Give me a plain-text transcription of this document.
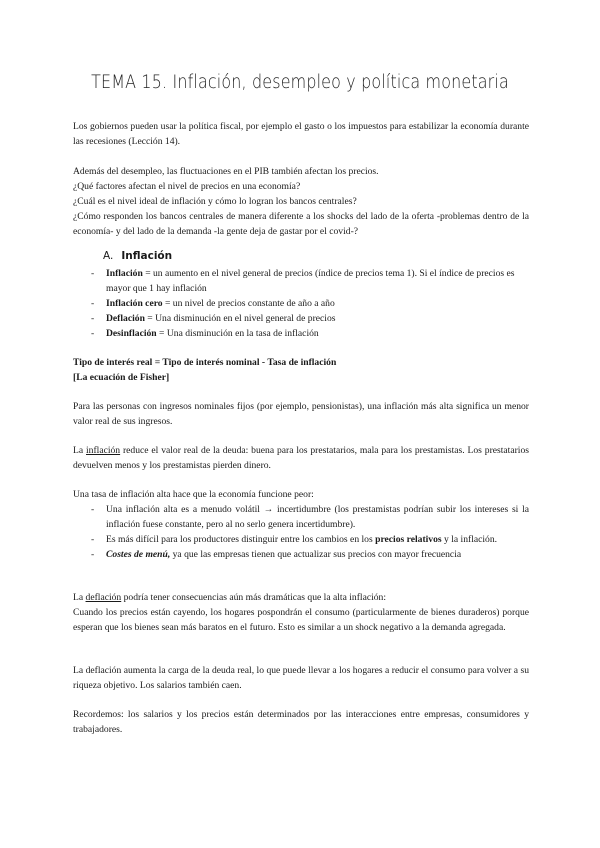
TEMA 15. Inflación, desempleo y política monetaria

Los gobiernos pueden usar la política fiscal, por ejemplo el gasto o los impuestos para estabilizar la economía durante las recesiones (Lección 14).

Además del desempleo, las fluctuaciones en el PIB también afectan los precios.

¿Qué factores afectan el nivel de precios en una economía?

¿Cuál es el nivel ideal de inflación y cómo lo logran los bancos centrales?

¿Cómo responden los bancos centrales de manera diferente a los shocks del lado de la oferta -problemas dentro de la economía- y del lado de la demanda -la gente deja de gastar por el covid-?

A. Inflación
- Inflación = un aumento en el nivel general de precios (índice de precios tema 1). Si el índice de precios es mayor que 1 hay inflación
- Inflación cero = un nivel de precios constante de año a año
- Deflación = Una disminución en el nivel general de precios
- Desinflación = Una disminución en la tasa de inflación

Tipo de interés real = Tipo de interés nominal - Tasa de inflación

[La ecuación de Fisher]

Para las personas con ingresos nominales fijos (por ejemplo, pensionistas), una inflación más alta significa un menor valor real de sus ingresos.

La inflación reduce el valor real de la deuda: buena para los prestatarios, mala para los prestamistas. Los prestatarios devuelven menos y los prestamistas pierden dinero.

Una tasa de inflación alta hace que la economía funcione peor:

- Una inflación alta es a menudo volátil → incertidumbre (los prestamistas podrían subir los intereses si la inflación fuese constante, pero al no serlo genera incertidumbre).
- Es más difícil para los productores distinguir entre los cambios en los precios relativos y la inflación.
- Costes de menú, ya que las empresas tienen que actualizar sus precios con mayor frecuencia

La deflación podría tener consecuencias aún más dramáticas que la alta inflación:

Cuando los precios están cayendo, los hogares pospondrán el consumo (particularmente de bienes duraderos) porque esperan que los bienes sean más baratos en el futuro. Esto es similar a un shock negativo a la demanda agregada.

La deflación aumenta la carga de la deuda real, lo que puede llevar a los hogares a reducir el consumo para volver a su riqueza objetivo. Los salarios también caen.

Recordemos: los salarios y los precios están determinados por las interacciones entre empresas, consumidores y trabajadores.
